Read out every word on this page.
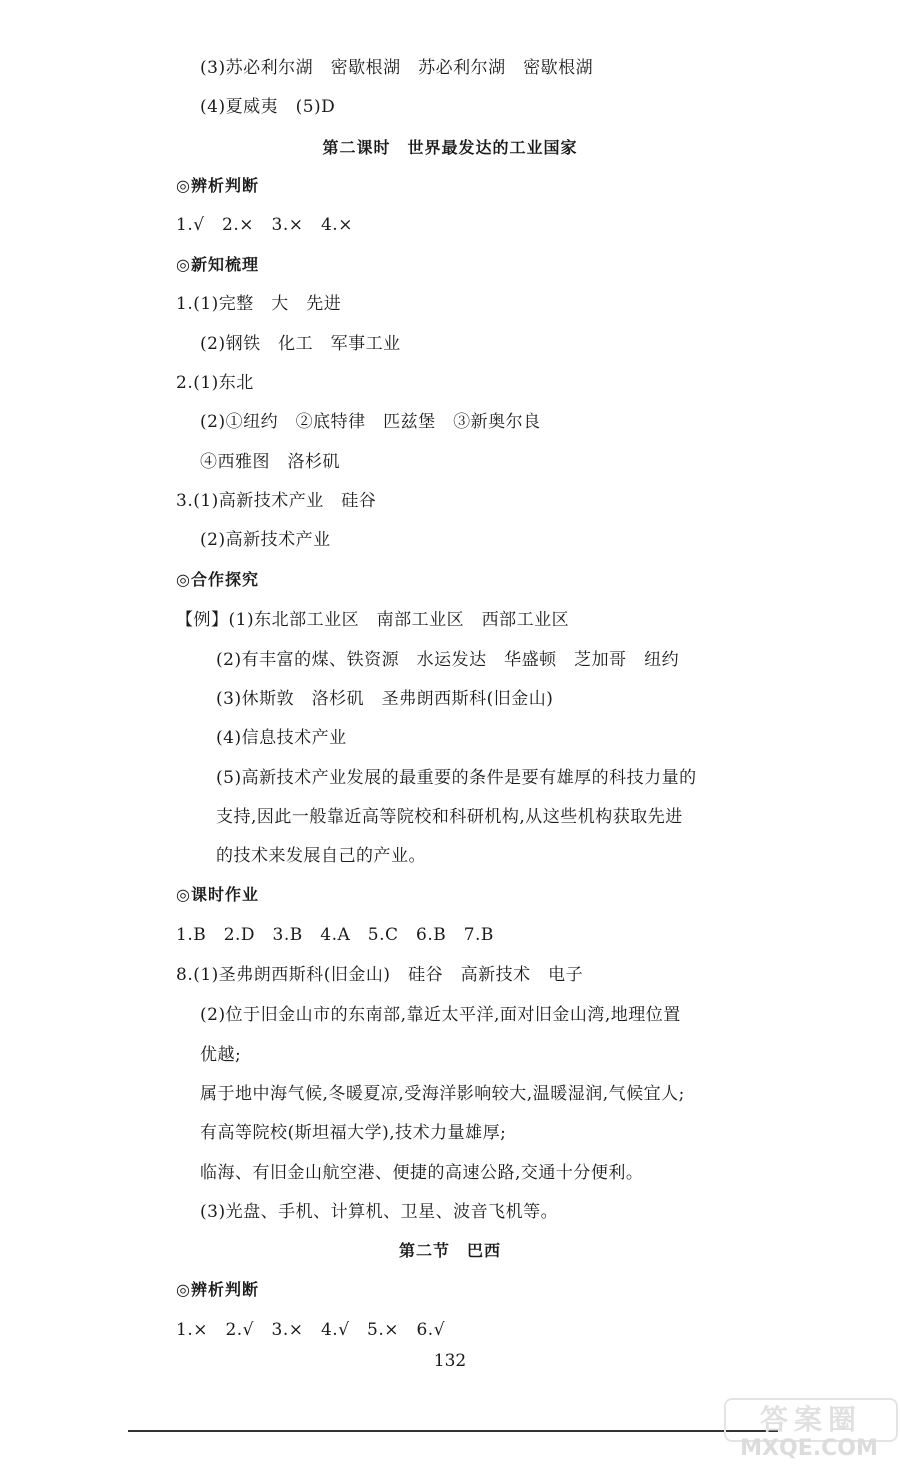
(3)苏必利尔湖　密歇根湖　苏必利尔湖　密歇根湖
(4)夏威夷　(5)D
第二课时　世界最发达的工业国家
◎辨析判断
1.√　2.×　3.×　4.×
◎新知梳理
1.(1)完整　大　先进
(2)钢铁　化工　军事工业
2.(1)东北
(2)①纽约　②底特律　匹兹堡　③新奥尔良
④西雅图　洛杉矶
3.(1)高新技术产业　硅谷
(2)高新技术产业
◎合作探究
【例】(1)东北部工业区　南部工业区　西部工业区
(2)有丰富的煤、铁资源　水运发达　华盛顿　芝加哥　纽约
(3)休斯敦　洛杉矶　圣弗朗西斯科(旧金山)
(4)信息技术产业
(5)高新技术产业发展的最重要的条件是要有雄厚的科技力量的
支持,因此一般靠近高等院校和科研机构,从这些机构获取先进
的技术来发展自己的产业。
◎课时作业
1.B　2.D　3.B　4.A　5.C　6.B　7.B
8.(1)圣弗朗西斯科(旧金山)　硅谷　高新技术　电子
(2)位于旧金山市的东南部,靠近太平洋,面对旧金山湾,地理位置
优越;
属于地中海气候,冬暖夏凉,受海洋影响较大,温暖湿润,气候宜人;
有高等院校(斯坦福大学),技术力量雄厚;
临海、有旧金山航空港、便捷的高速公路,交通十分便利。
(3)光盘、手机、计算机、卫星、波音飞机等。
第二节　巴西
◎辨析判断
1.×　2.√　3.×　4.√　5.×　6.√
132
答案圈
MXQE.COM
